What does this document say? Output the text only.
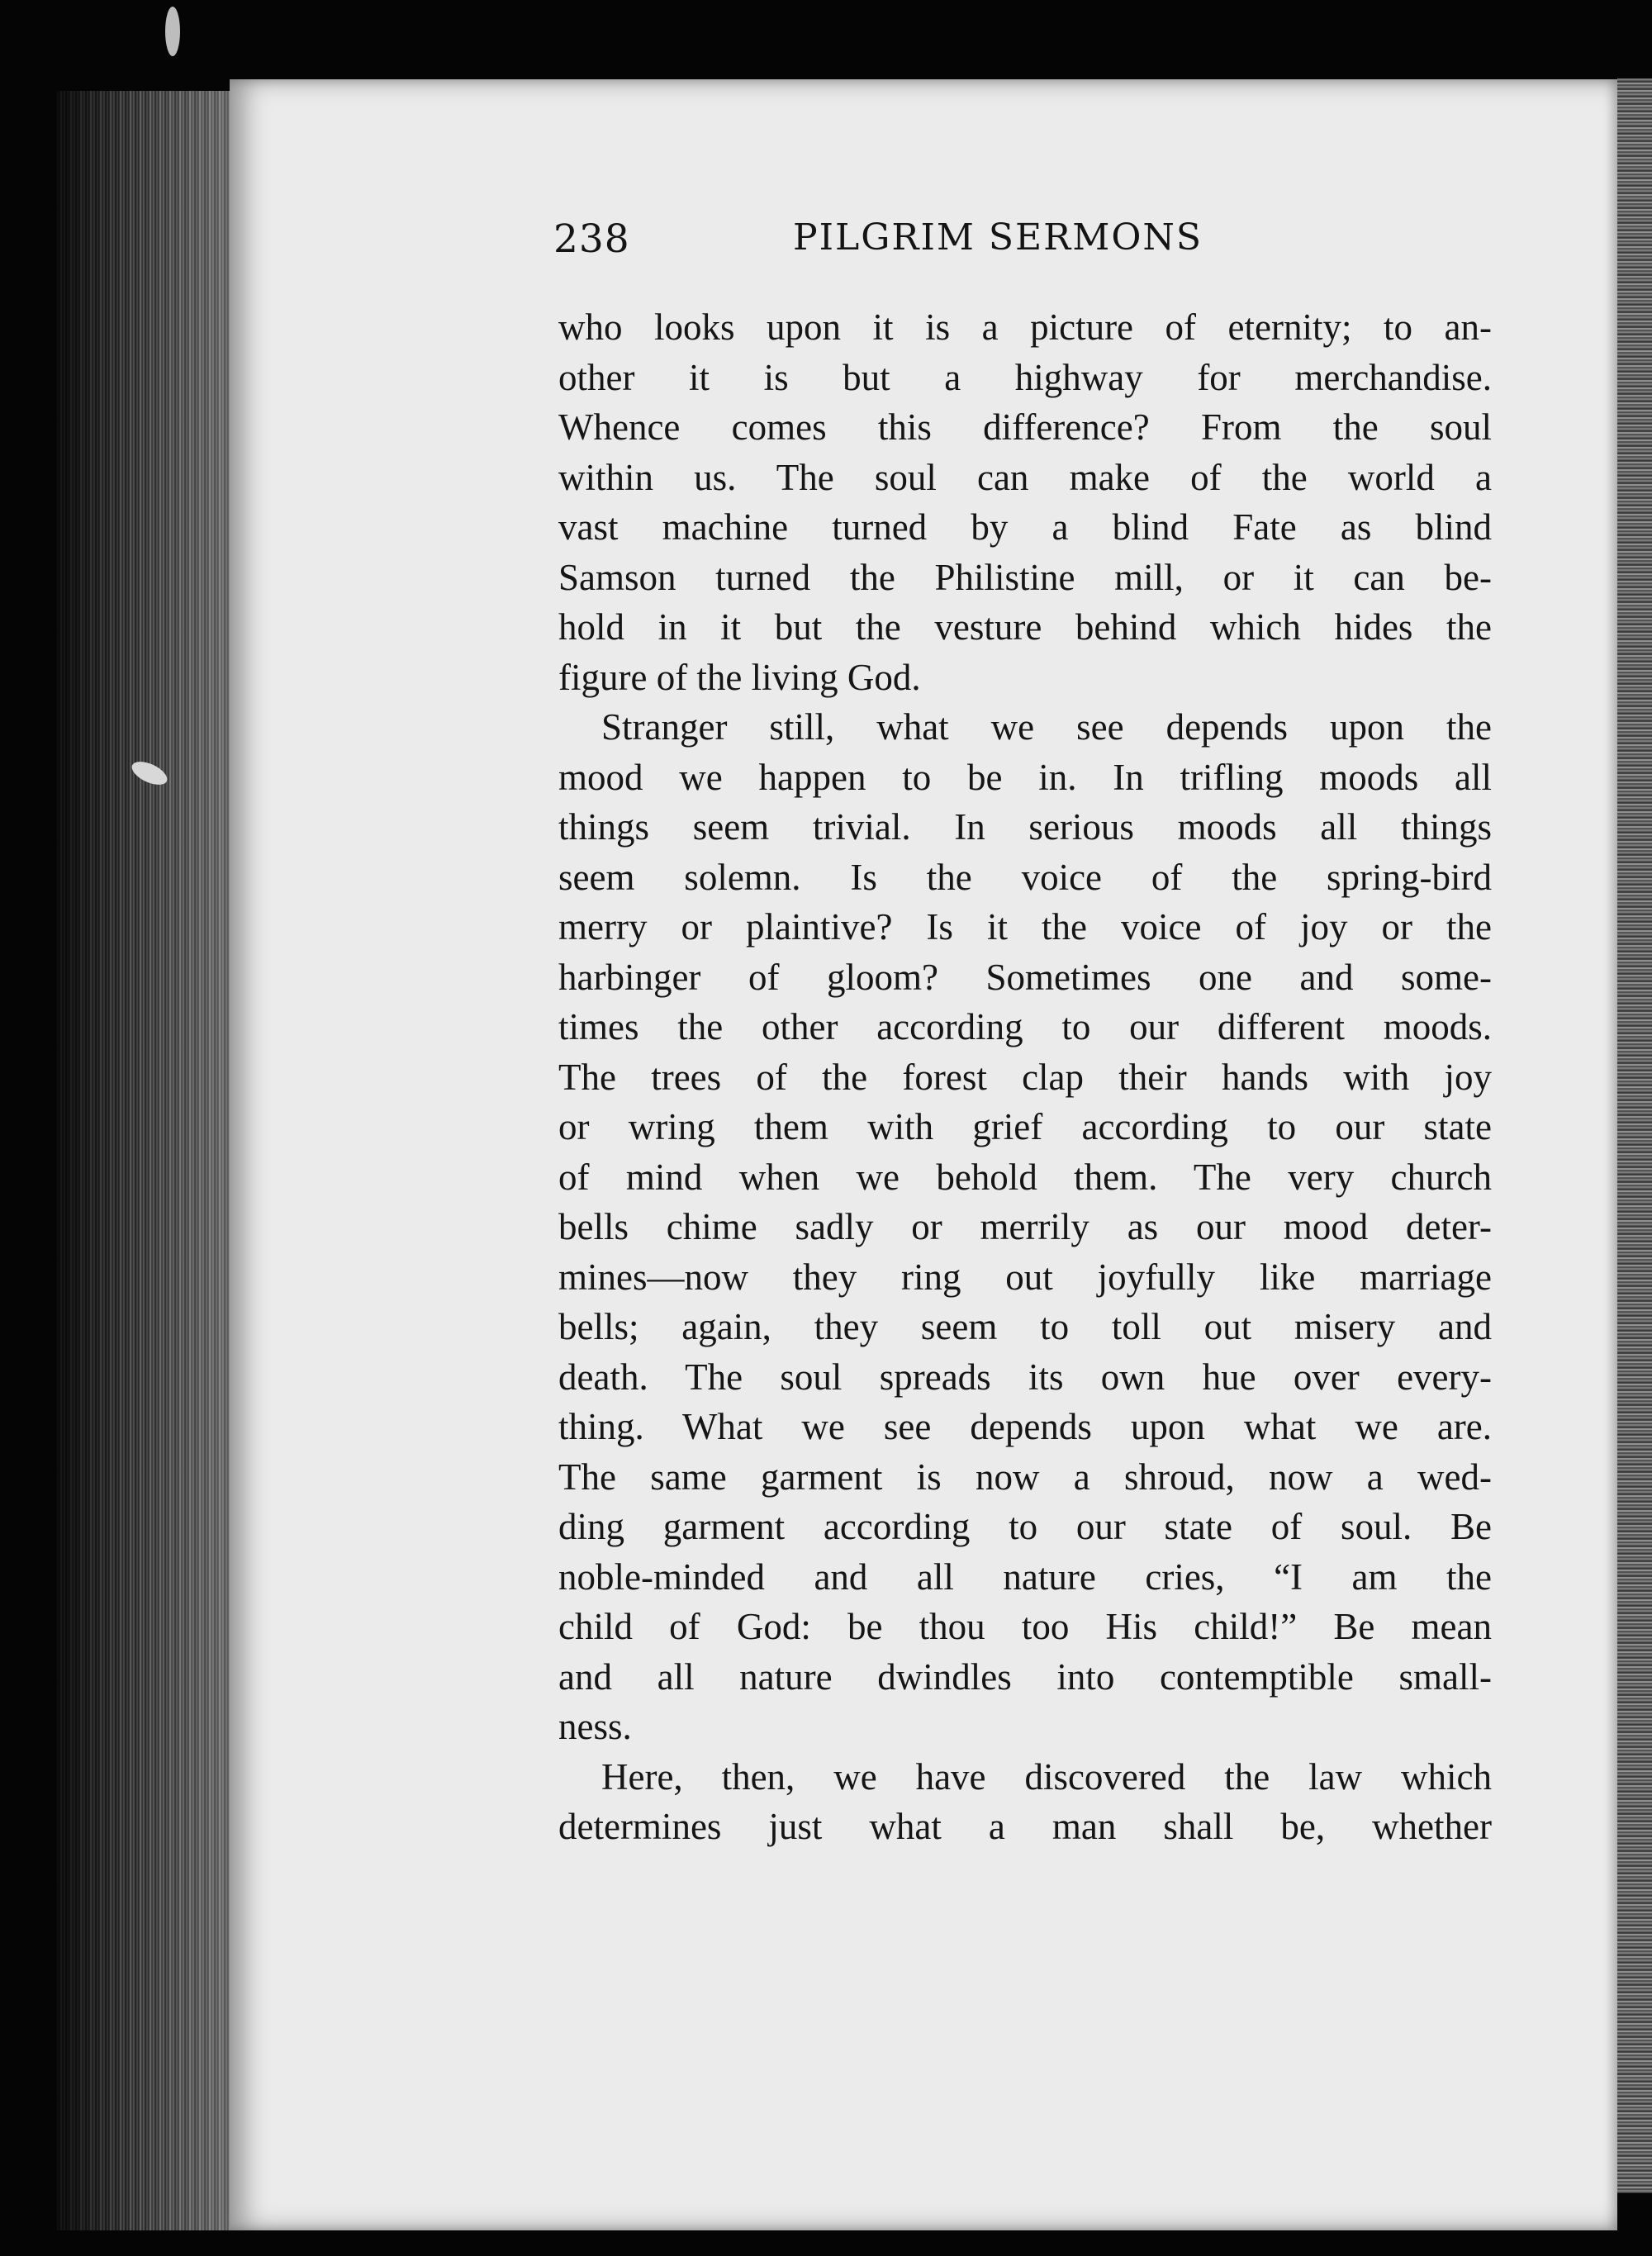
238	PILGRIM SERMONS
who looks upon it is a picture of eternity; to an-
other it is but a highway for merchandise.
Whence comes this difference? From the soul
within us. The soul can make of the world a
vast machine turned by a blind Fate as blind
Samson turned the Philistine mill, or it can be-
hold in it but the vesture behind which hides the
figure of the living God.
Stranger still, what we see depends upon the
mood we happen to be in. In trifling moods all
things seem trivial. In serious moods all things
seem solemn. Is the voice of the spring-bird
merry or plaintive? Is it the voice of joy or the
harbinger of gloom? Sometimes one and some-
times the other according to our different moods.
The trees of the forest clap their hands with joy
or wring them with grief according to our state
of mind when we behold them. The very church
bells chime sadly or merrily as our mood deter-
mines—now they ring out joyfully like marriage
bells; again, they seem to toll out misery and
death. The soul spreads its own hue over every-
thing. What we see depends upon what we are.
The same garment is now a shroud, now a wed-
ding garment according to our state of soul. Be
noble-minded and all nature cries, “I am the
child of God: be thou too His child!” Be mean
and all nature dwindles into contemptible small-
ness.
Here, then, we have discovered the law which
determines just what a man shall be, whether
